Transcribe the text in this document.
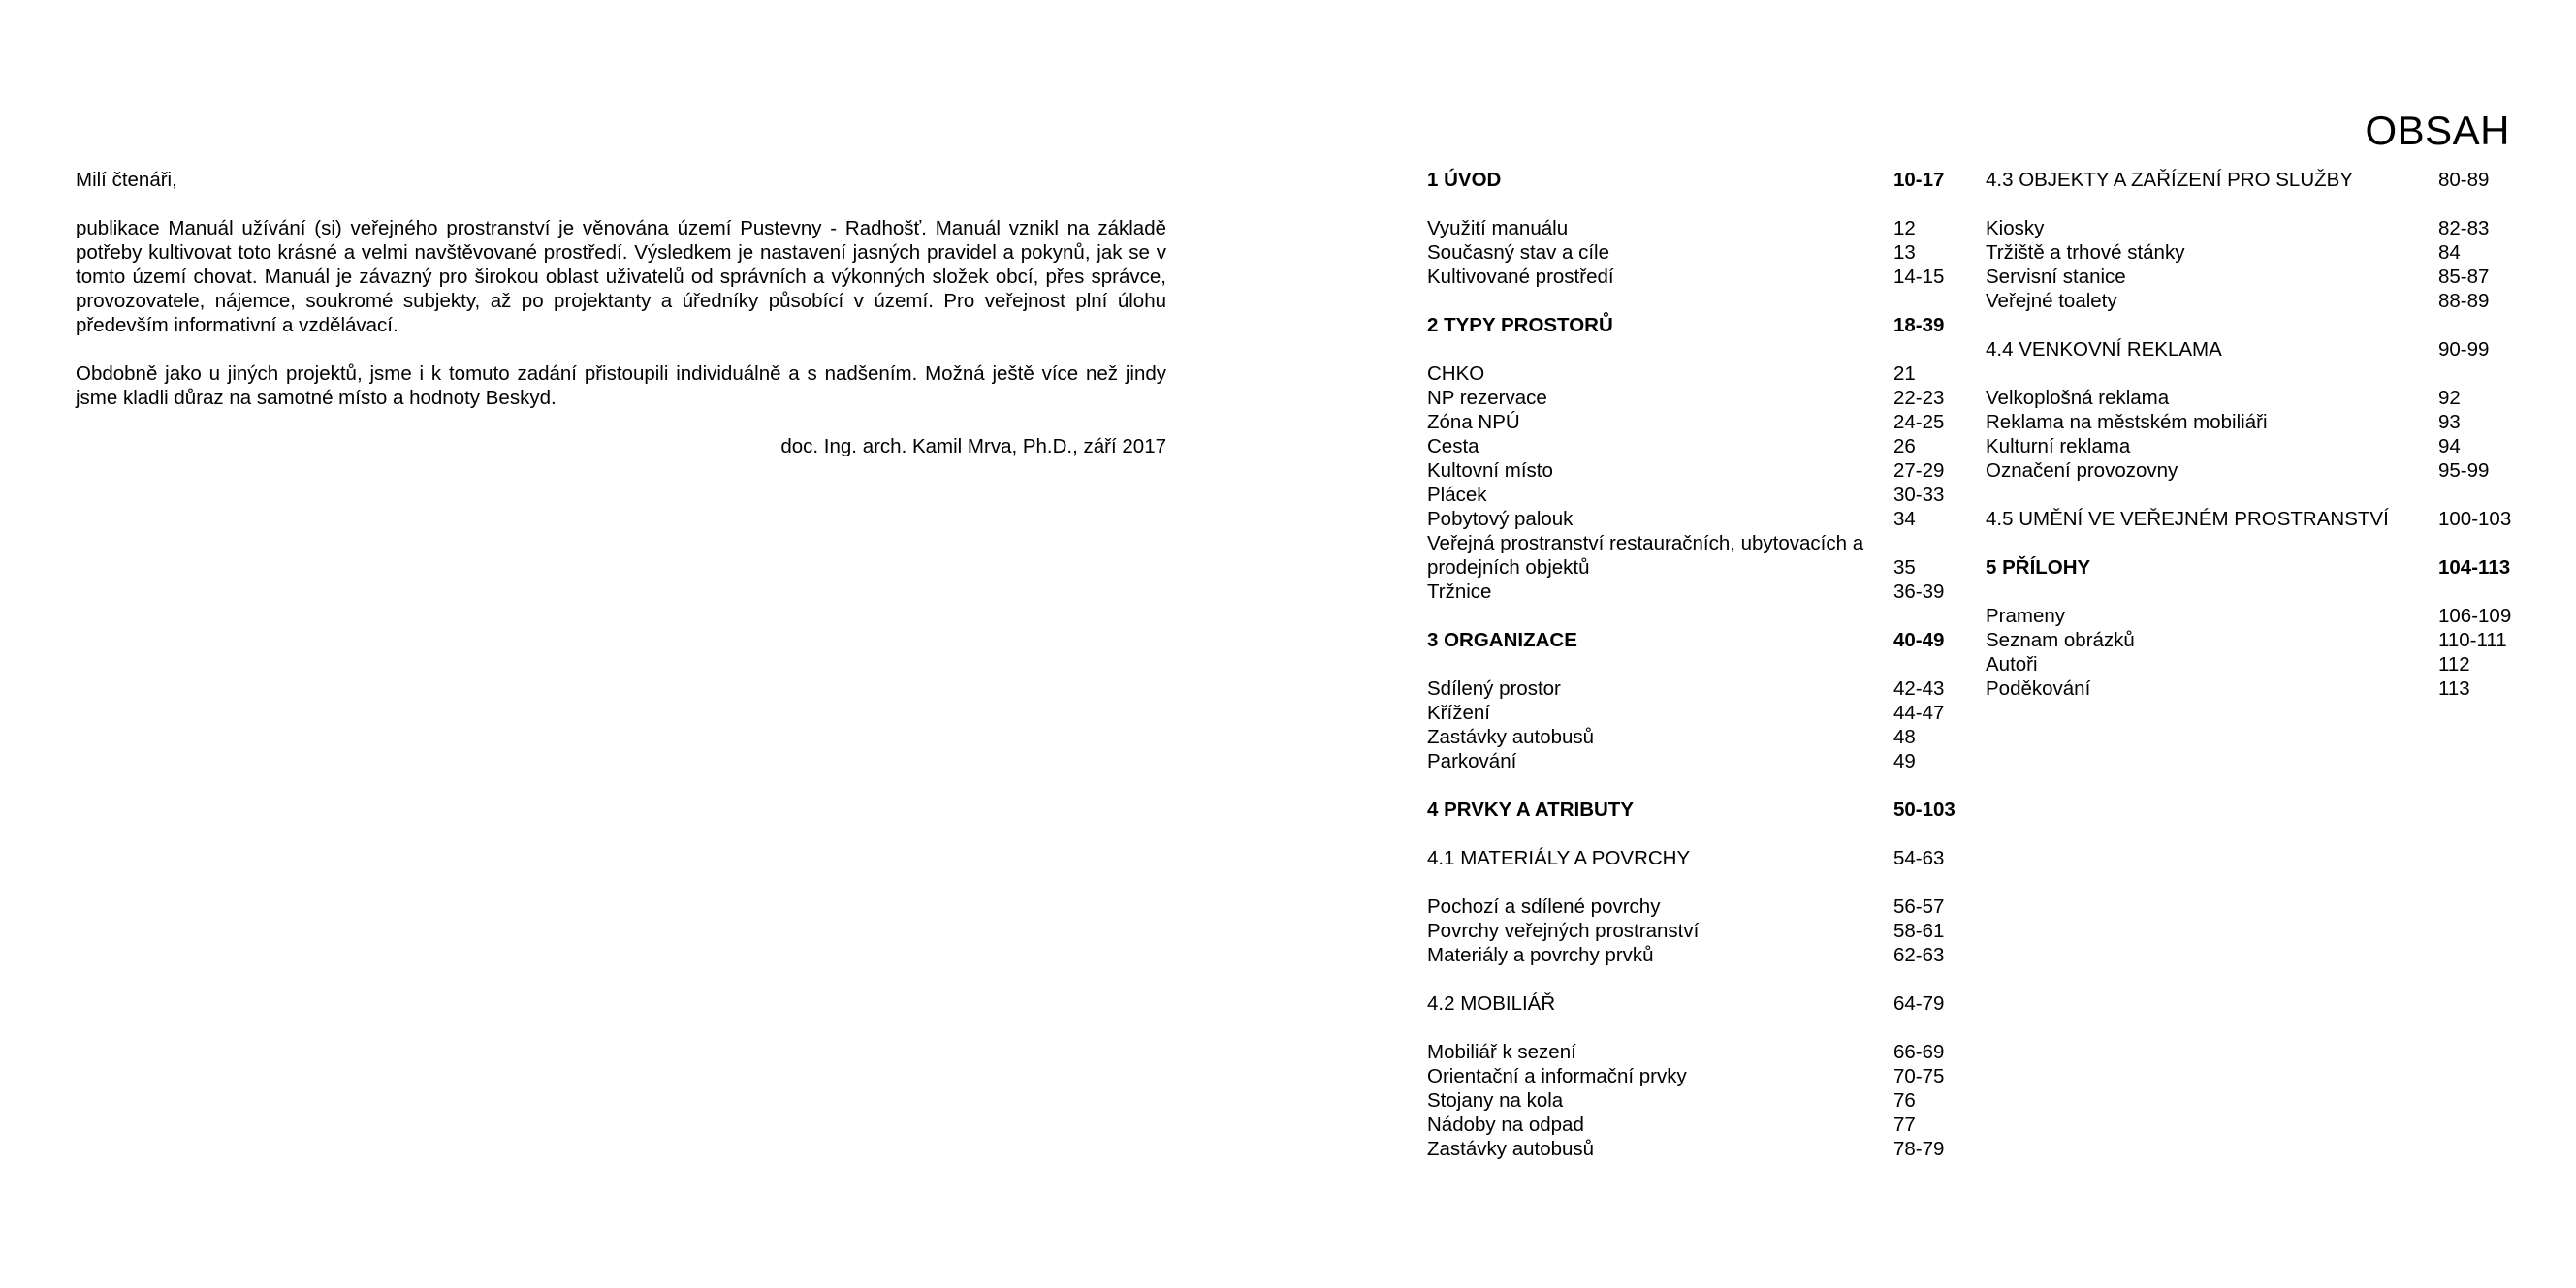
Milí čtenáři,

publikace Manuál užívání (si) veřejného prostranství je věnována území Pustevny - Radhošť. Manuál vznikl na základě potřeby kultivovat toto krásné a velmi navštěvované prostředí. Výsledkem je nastavení jasných pravidel a pokynů, jak se v tomto území chovat. Manuál je závazný pro širokou oblast uživatelů od správních a výkonných složek obcí, přes správce, provozovatele, nájemce, soukromé subjekty, až po projektanty a úředníky působící v území. Pro veřejnost plní úlohu především informativní a vzdělávací.

Obdobně jako u jiných projektů, jsme i k tomuto zadání přistoupili individuálně a s nadšením. Možná ještě více než jindy jsme kladli důraz na samotné místo a hodnoty Beskyd.

doc. Ing. arch. Kamil Mrva, Ph.D., září 2017

OBSAH
1 ÚVOD	10-17
Využití manuálu	12
Současný stav a cíle	13
Kultivované prostředí	14-15
2 TYPY PROSTORŮ	18-39
CHKO	21
NP rezervace	22-23
Zóna NPÚ	24-25
Cesta	26
Kultovní místo	27-29
Plácek	30-33
Pobytový palouk	34
Veřejná prostranství restauračních, ubytovacích a prodejních objektů	35
Tržnice	36-39
3 ORGANIZACE	40-49
Sdílený prostor	42-43
Křížení	44-47
Zastávky autobusů	48
Parkování	49
4 PRVKY A ATRIBUTY	50-103
4.1 MATERIÁLY A POVRCHY	54-63
Pochozí a sdílené povrchy	56-57
Povrchy veřejných prostranství	58-61
Materiály a povrchy prvků	62-63
4.2 MOBILIÁŘ	64-79
Mobiliář k sezení	66-69
Orientační a informační prvky	70-75
Stojany na kola	76
Nádoby na odpad	77
Zastávky autobusů	78-79
4.3 OBJEKTY A ZAŘÍZENÍ PRO SLUŽBY	80-89
Kiosky	82-83
Tržiště a trhové stánky	84
Servisní stanice	85-87
Veřejné toalety	88-89
4.4 VENKOVNÍ REKLAMA	90-99
Velkoplošná reklama	92
Reklama na městském mobiliáři	93
Kulturní reklama	94
Označení provozovny	95-99
4.5 UMĚNÍ VE VEŘEJNÉM PROSTRANSTVÍ 100-103
5 PŘÍLOHY	104-113
Prameny	106-109
Seznam obrázků	110-111
Autoři	112
Poděkování	113
